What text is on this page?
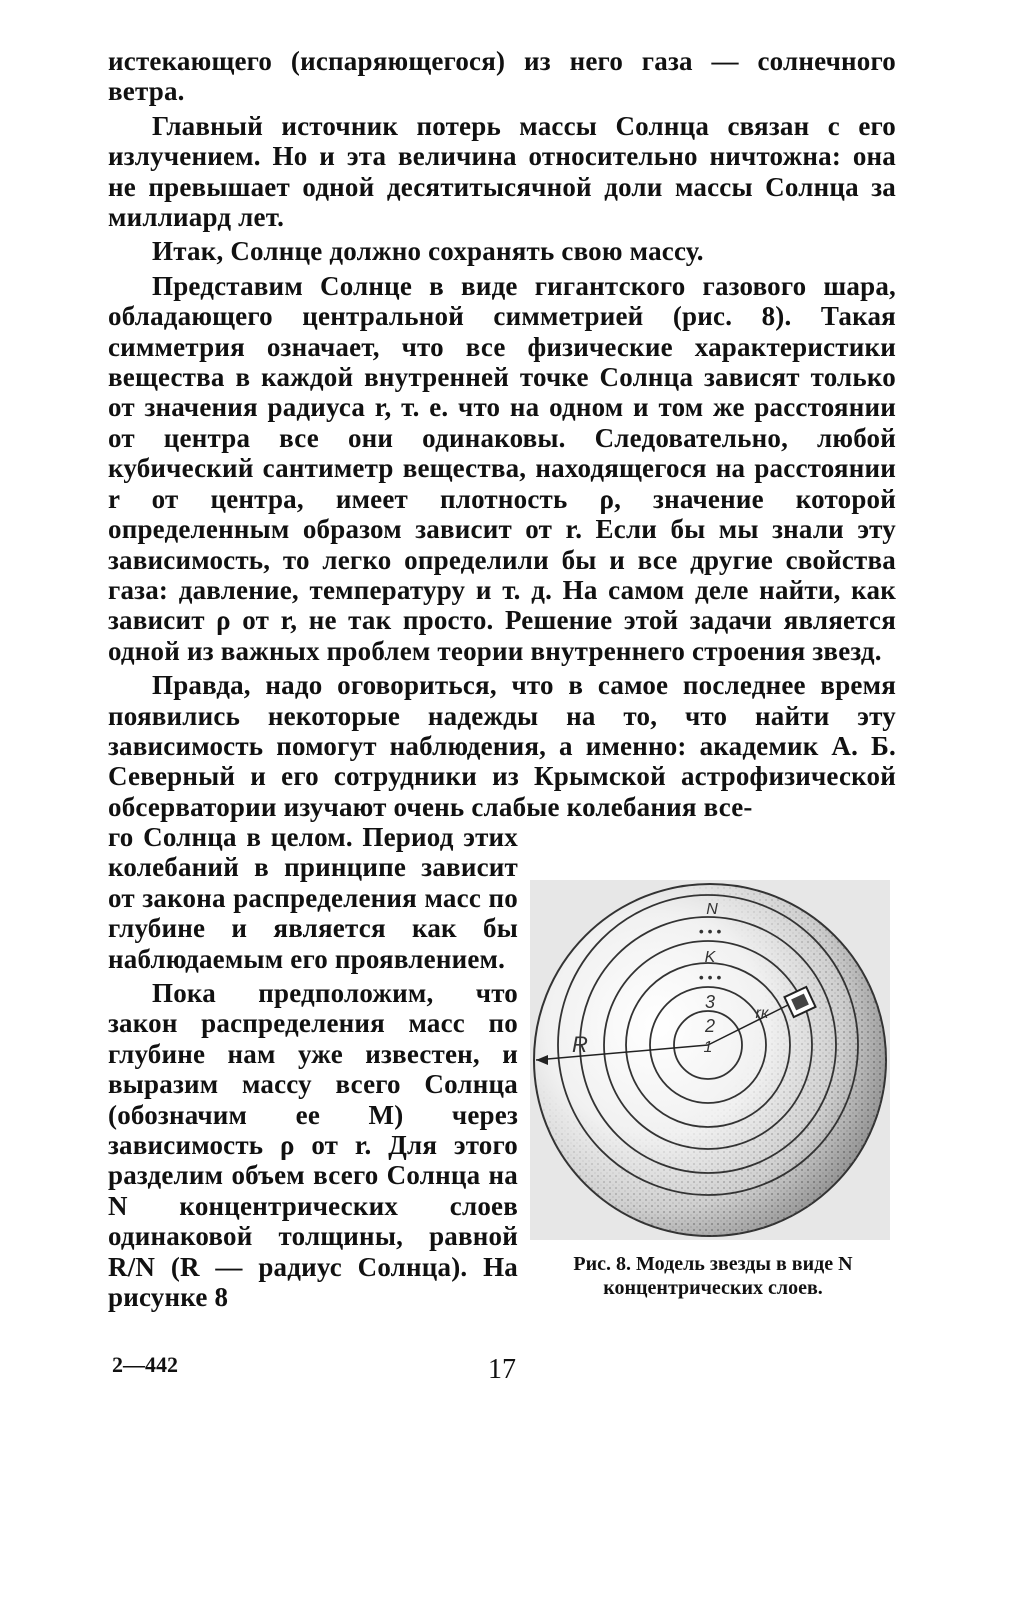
истекающего (испаряющегося) из него газа — солнечного ветра.

Главный источник потерь массы Солнца связан с его излучением. Но и эта величина относительно ничтожна: она не превышает одной десятитысячной доли массы Солнца за миллиард лет.

Итак, Солнце должно сохранять свою массу.

Представим Солнце в виде гигантского газового шара, обладающего центральной симметрией (рис. 8). Такая симметрия означает, что все физические характеристики вещества в каждой внутренней точке Солнца зависят только от значения радиуса r, т. е. что на одном и том же расстоянии от центра все они одинаковы. Следовательно, любой кубический сантиметр вещества, находящегося на расстоянии r от центра, имеет плотность ρ, значение которой определенным образом зависит от r. Если бы мы знали эту зависимость, то легко определили бы и все другие свойства газа: давление, температуру и т. д. На самом деле найти, как зависит ρ от r, не так просто. Решение этой задачи является одной из важных проблем теории внутреннего строения звезд.

Правда, надо оговориться, что в самое последнее время появились некоторые надежды на то, что найти эту зависимость помогут наблюдения, а именно: академик А. Б. Северный и его сотрудники из Крымской астрофизической обсерватории изучают очень слабые колебания все-

го Солнца в целом. Период этих колебаний в принципе зависит от закона распределения масс по глубине и является как бы наблюдаемым его проявлением.

Пока предположим, что закон распределения масс по глубине нам уже известен, и выразим массу всего Солнца (обозначим ее M) через зависимость ρ от r. Для этого разделим объем всего Солнца на N концентрических слоев одинаковой толщины, равной R/N (R — радиус Солнца). На рисунке 8

N
• • •
K
• • •
3
2
1
R
rк
Рис. 8. Модель звезды в виде N концентрических слоев.
2—442	17
